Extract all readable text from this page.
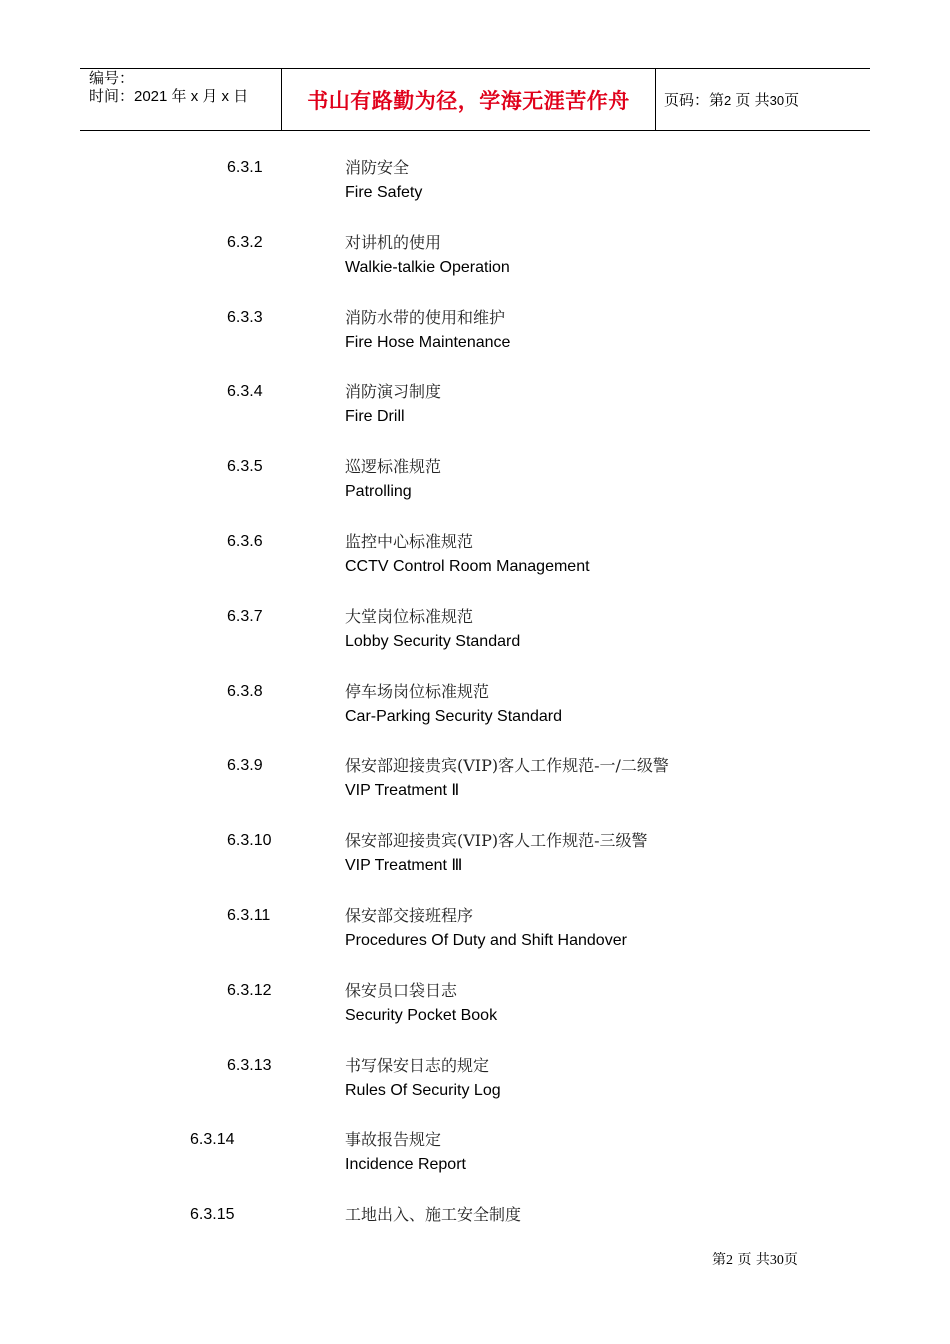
编号：
时间：2021 年 x 月 x 日	书山有路勤为径，学海无涯苦作舟	页码：第2 页 共30页
6.3.1	消防安全
Fire Safety
6.3.2	对讲机的使用
Walkie-talkie Operation
6.3.3	消防水带的使用和维护
Fire Hose Maintenance
6.3.4	消防演习制度
Fire Drill
6.3.5	巡逻标准规范
Patrolling
6.3.6	监控中心标准规范
CCTV Control Room Management
6.3.7	大堂岗位标准规范
Lobby Security Standard
6.3.8	停车场岗位标准规范
Car-Parking Security Standard
6.3.9	保安部迎接贵宾(VIP)客人工作规范-一/二级警
VIP Treatment Ⅱ
6.3.10	保安部迎接贵宾(VIP)客人工作规范-三级警
VIP Treatment Ⅲ
6.3.11	保安部交接班程序
Procedures Of Duty and Shift Handover
6.3.12	保安员口袋日志
Security Pocket Book
6.3.13	书写保安日志的规定
Rules Of Security Log
6.3.14	事故报告规定
Incidence Report
6.3.15	工地出入、施工安全制度
第2 页 共30页
